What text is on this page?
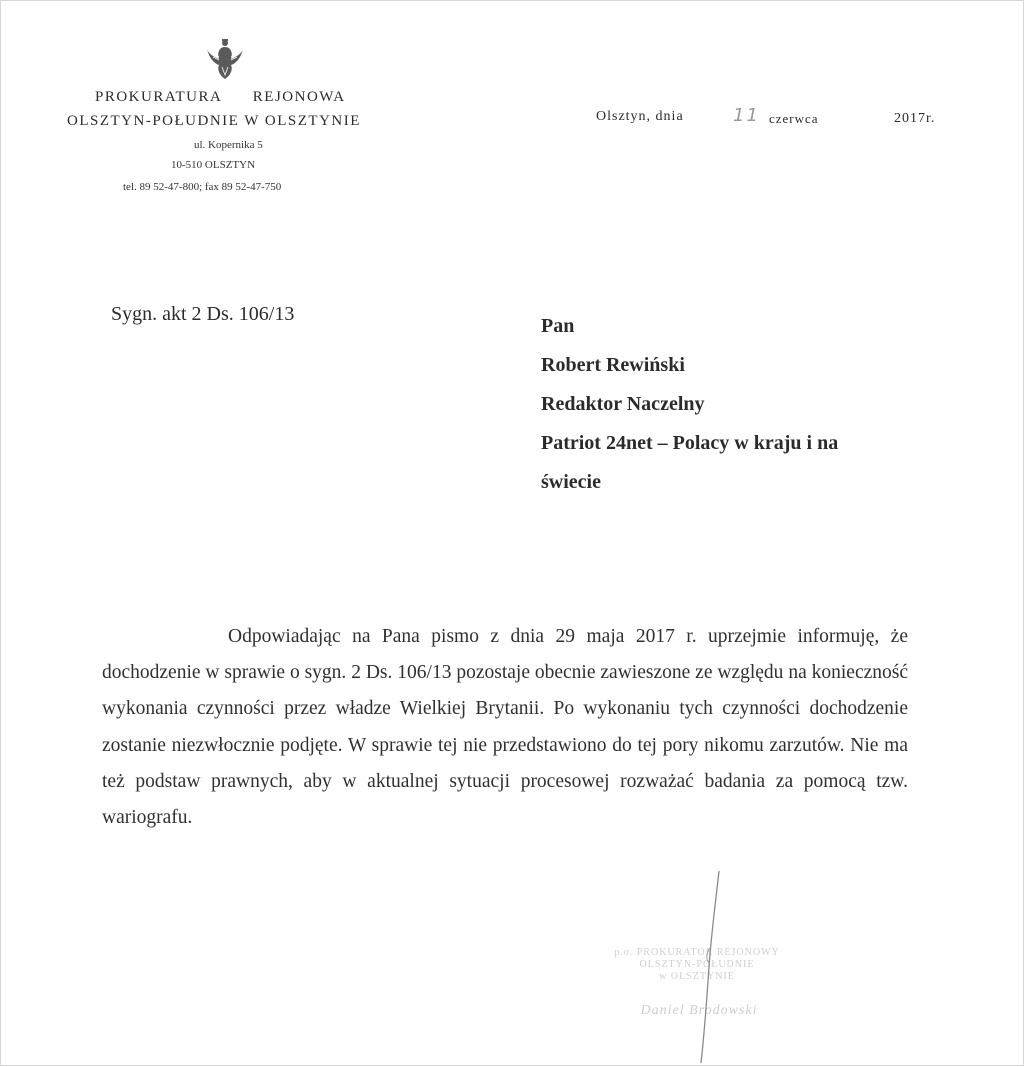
PROKURATURA REJONOWA
OLSZTYN-POŁUDNIE W OLSZTYNIE
ul. Kopernika 5
10-510 OLSZTYN
tel. 89 52-47-800; fax 89 52-47-750
Olsztyn, dnia	11 czerwca	2017r.
Sygn. akt 2 Ds. 106/13
Pan
Robert Rewiński
Redaktor Naczelny
Patriot 24net – Polacy w kraju i na
świecie
Odpowiadając na Pana pismo z dnia 29 maja 2017 r. uprzejmie informuję, że dochodzenie w sprawie o sygn. 2 Ds. 106/13 pozostaje obecnie zawieszone ze względu na konieczność wykonania czynności przez władze Wielkiej Brytanii. Po wykonaniu tych czynności dochodzenie zostanie niezwłocznie podjęte. W sprawie tej nie przedstawiono do tej pory nikomu zarzutów. Nie ma też podstaw prawnych, aby w aktualnej sytuacji procesowej rozważać badania za pomocą tzw. wariografu.
p.o. PROKURATOR REJONOWY
OLSZTYN-POŁUDNIE
w OLSZTYNIE
Daniel Brodowski
